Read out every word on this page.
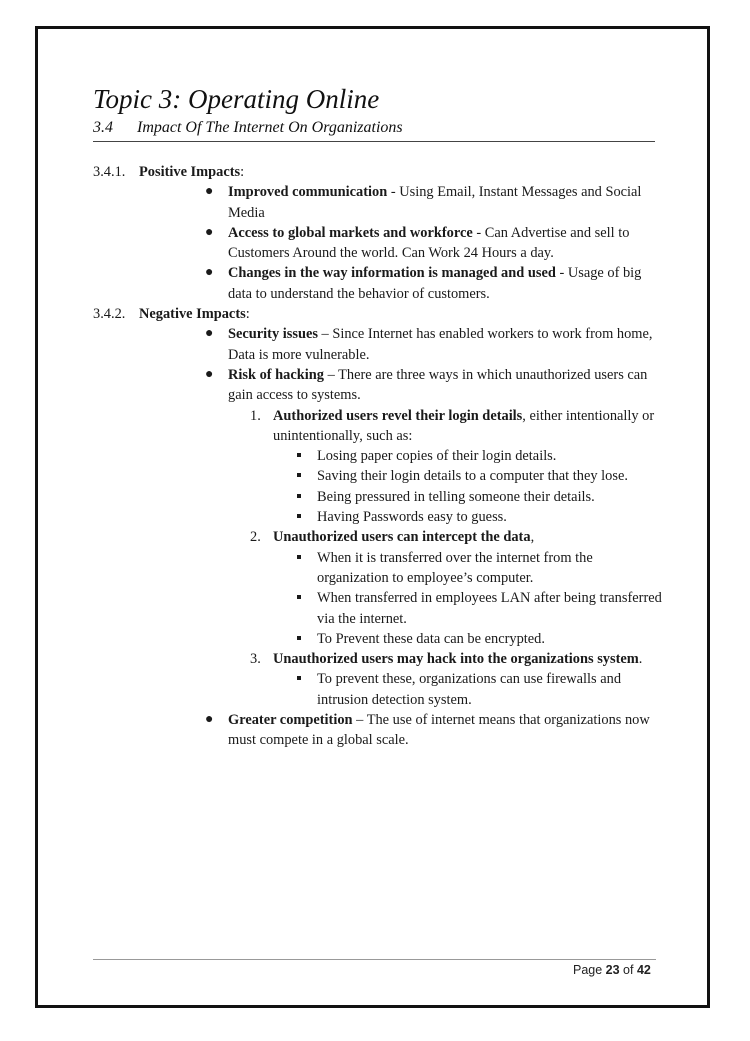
Topic 3: Operating Online
3.4 Impact Of The Internet On Organizations
3.4.1. Positive Impacts:
● Improved communication - Using Email, Instant Messages and Social Media
● Access to global markets and workforce - Can Advertise and sell to Customers Around the world. Can Work 24 Hours a day.
● Changes in the way information is managed and used - Usage of big data to understand the behavior of customers.
3.4.2. Negative Impacts:
● Security issues – Since Internet has enabled workers to work from home, Data is more vulnerable.
● Risk of hacking – There are three ways in which unauthorized users can gain access to systems.
1. Authorized users revel their login details, either intentionally or unintentionally, such as:
Losing paper copies of their login details.
Saving their login details to a computer that they lose.
Being pressured in telling someone their details.
Having Passwords easy to guess.
2. Unauthorized users can intercept the data,
When it is transferred over the internet from the organization to employee’s computer.
When transferred in employees LAN after being transferred via the internet.
To Prevent these data can be encrypted.
3. Unauthorized users may hack into the organizations system.
To prevent these, organizations can use firewalls and intrusion detection system.
● Greater competition – The use of internet means that organizations now must compete in a global scale.
Page 23 of 42
